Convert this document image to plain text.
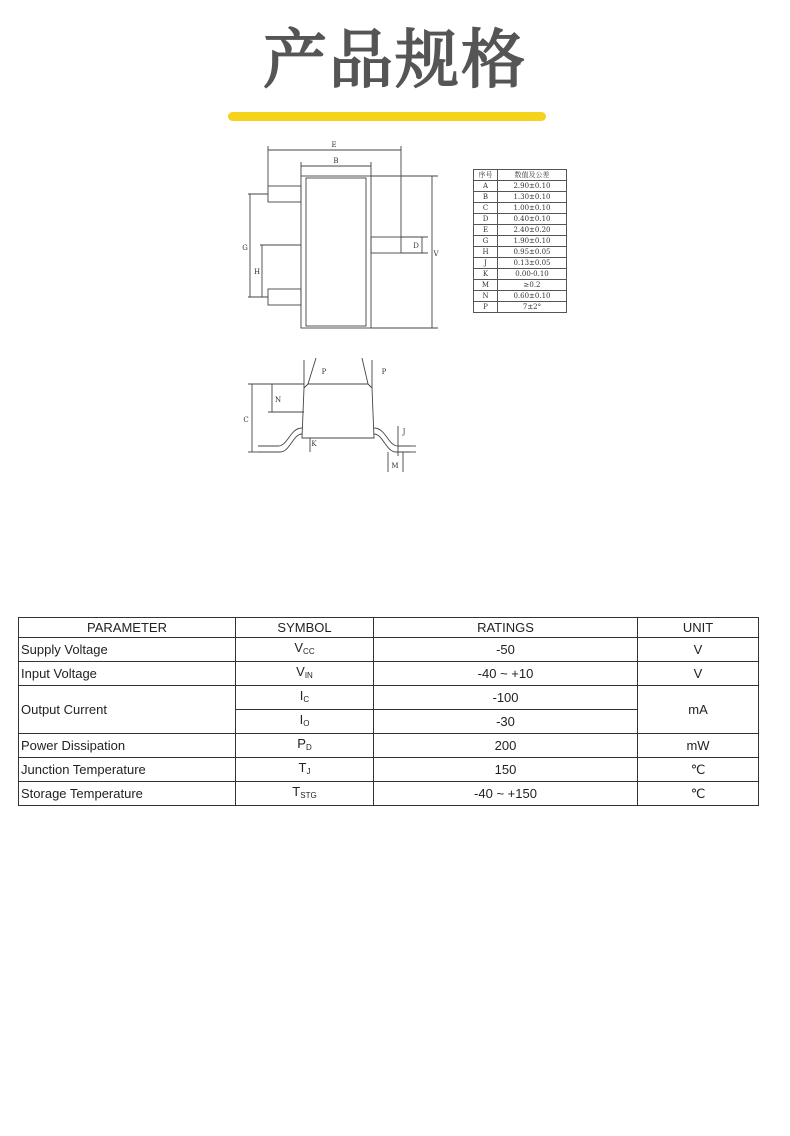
产品规格
E
B
V
D
G
H
P	P
C
N
K
J
M
序号	数值及公差
A	2.90±0.10
B	1.30±0.10
C	1.00±0.10
D	0.40±0.10
E	2.40±0.20
G	1.90±0.10
H	0.95±0.05
J	0.13±0.05
K	0.00-0.10
M	≥0.2
N	0.60±0.10
P	7±2°
PARAMETER	SYMBOL	RATINGS	UNIT
Supply Voltage	$V_{CC}$	-50	V
Input Voltage	$V_{IN}$	-40 ~ +10	V
Output Current	$I_C$	-100	mA
	$I_O$	-30	
Power Dissipation	$P_D$	200	mW
Junction Temperature	$T_J$	150	℃
Storage Temperature	$T_{STG}$	-40 ~ +150	℃
